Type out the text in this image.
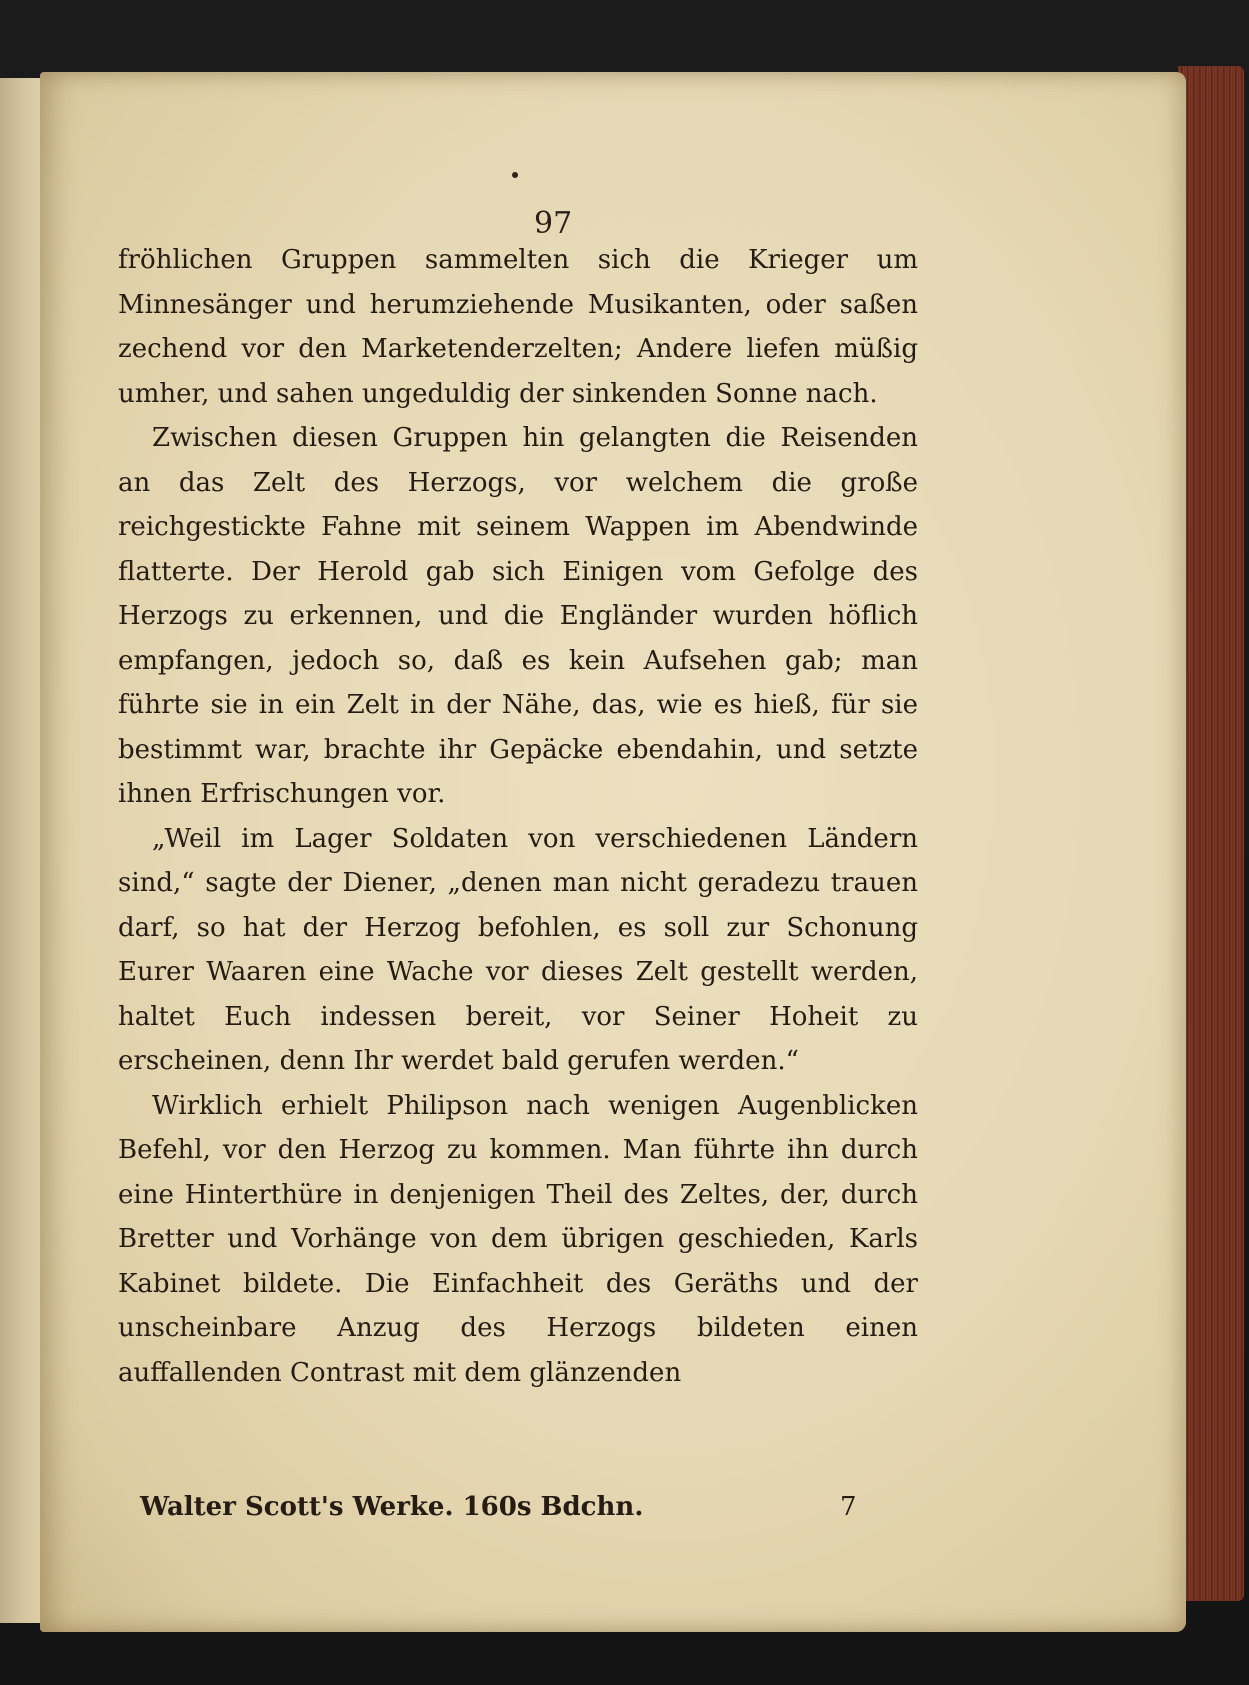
97

fröhlichen Gruppen sammelten sich die Krieger um Minnesänger und herumziehende Musikanten, oder saßen zechend vor den Marketenderzelten; Andere liefen müßig umher, und sahen ungeduldig der sinkenden Sonne nach.

Zwischen diesen Gruppen hin gelangten die Reisenden an das Zelt des Herzogs, vor welchem die große reichgestickte Fahne mit seinem Wappen im Abendwinde flatterte. Der Herold gab sich Einigen vom Gefolge des Herzogs zu erkennen, und die Engländer wurden höflich empfangen, jedoch so, daß es kein Aufsehen gab; man führte sie in ein Zelt in der Nähe, das, wie es hieß, für sie bestimmt war, brachte ihr Gepäcke ebendahin, und setzte ihnen Erfrischungen vor.

„Weil im Lager Soldaten von verschiedenen Ländern sind,“ sagte der Diener, „denen man nicht geradezu trauen darf, so hat der Herzog befohlen, es soll zur Schonung Eurer Waaren eine Wache vor dieses Zelt gestellt werden, haltet Euch indessen bereit, vor Seiner Hoheit zu erscheinen, denn Ihr werdet bald gerufen werden.“

Wirklich erhielt Philipson nach wenigen Augenblicken Befehl, vor den Herzog zu kommen. Man führte ihn durch eine Hinterthüre in denjenigen Theil des Zeltes, der, durch Bretter und Vorhänge von dem übrigen geschieden, Karls Kabinet bildete. Die Einfachheit des Geräths und der unscheinbare Anzug des Herzogs bildeten einen auffallenden Contrast mit dem glänzenden

Walter Scott's Werke. 160s Bdchn.	7
